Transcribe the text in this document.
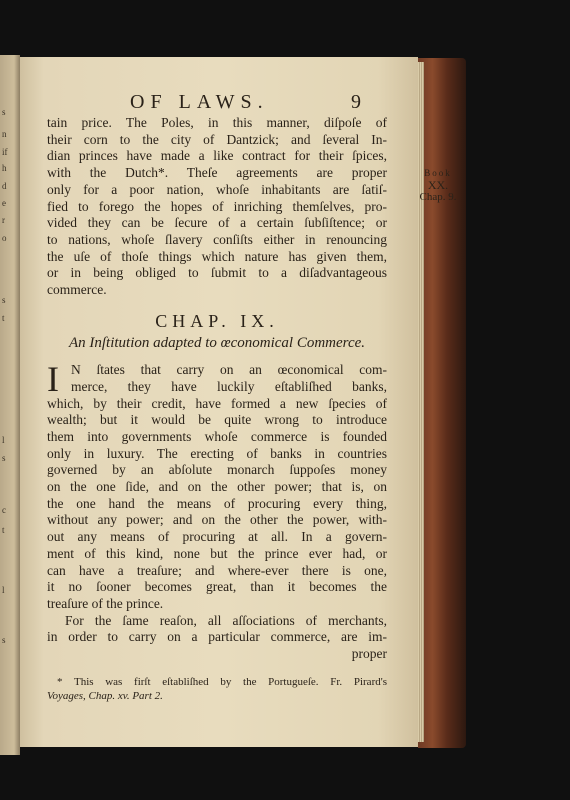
s
n
if
h
d
e
r
o
s
t
l
s
c
t
l
s
OF LAWS.	9
Book
XX.
Chap. 9.
tain price. The Poles, in this manner, diſpoſe of
their corn to the city of Dantzick; and ſeveral In-
dian princes have made a like contract for their ſpices,
with the Dutch*. Theſe agreements are proper
only for a poor nation, whoſe inhabitants are ſatiſ-
fied to forego the hopes of inriching themſelves, pro-
vided they can be ſecure of a certain ſubſiſtence; or
to nations, whoſe ſlavery conſiſts either in renouncing
the uſe of thoſe things which nature has given them,
or in being obliged to ſubmit to a diſadvantageous
commerce.
CHAP. IX.
An Inſtitution adapted to œconomical Commerce.
I N ſtates that carry on an œconomical com-
merce, they have luckily eſtabliſhed banks,
which, by their credit, have formed a new ſpecies of
wealth; but it would be quite wrong to introduce
them into governments whoſe commerce is founded
only in luxury. The erecting of banks in countries
governed by an abſolute monarch ſuppoſes money
on the one ſide, and on the other power; that is, on
the one hand the means of procuring every thing,
without any power; and on the other the power, with-
out any means of procuring at all. In a govern-
ment of this kind, none but the prince ever had, or
can have a treaſure; and where-ever there is one,
it no ſooner becomes great, than it becomes the
treaſure of the prince.
For the ſame reaſon, all aſſociations of merchants,
in order to carry on a particular commerce, are im-
proper
* This was firſt eſtabliſhed by the Portugueſe. Fr. Pirard's
Voyages, Chap. xv. Part 2.
